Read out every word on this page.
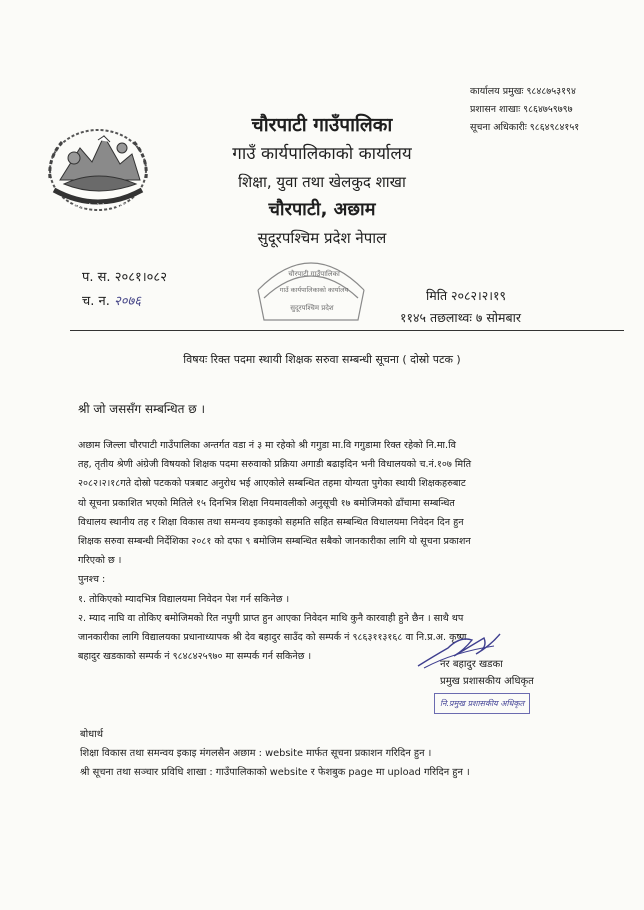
जनता जनार्दनको सेवामा समर्पित
कार्यालय प्रमुखः ९८४८७५३१९४
प्रशासन शाखाः ९८६४७५९७९७
सूचना अधिकारीः ९८६४९८४१५१
चौरपाटी गाउँपालिका
गाउँ कार्यपालिकाको कार्यालय
शिक्षा, युवा तथा खेलकुद शाखा
चौरपाटी, अछाम
सुदूरपश्चिम प्रदेश नेपाल
प. स. २०८१।०८२
च. न. २०७६
चौरपाटी गाउँपालिका
गाउँ कार्यपालिकाको कार्यालय
सुदूरपश्चिम प्रदेश
मिति २०८२।२।१९
११४५ तछलाथ्वः ७ सोमबार
विषयः रिक्त पदमा स्थायी शिक्षक सरुवा सम्बन्धी सूचना ( दोस्रो पटक )
श्री जो जससँग सम्बन्धित छ ।
अछाम जिल्ला चौरपाटी गाउँपालिका अन्तर्गत वडा नं ३ मा रहेको श्री गगुडा मा.वि गगुडामा रिक्त रहेको नि.मा.वि
तह, तृतीय श्रेणी अंग्रेजी विषयको शिक्षक पदमा सरुवाको प्रक्रिया अगाडी बढाइदिन भनी विधालयको च.नं.१०७ मिति
२०८२।२।१८गते दोस्रो पटकको पत्रबाट अनुरोध भई आएकोले सम्बन्धित तहमा योग्यता पुगेका स्थायी शिक्षकहरुबाट
यो सूचना प्रकाशित भएको मितिले १५ दिनभित्र शिक्षा नियमावलीको अनुसूची १७ बमोजिमको ढाँचामा सम्बन्धित
विधालय स्थानीय तह र शिक्षा विकास तथा समन्वय इकाइको सहमति सहित सम्बन्धित विधालयमा निवेदन दिन हुन
शिक्षक सरुवा सम्बन्धी निर्देशिका २०८१ को दफा ९ बमोजिम सम्बन्धित सबैको जानकारीका लागि यो सूचना प्रकाशन
गरिएको छ ।
पुनश्च :
१. तोकिएको म्यादभित्र विद्यालयमा निवेदन पेश गर्न सकिनेछ ।
२. म्याद नाघि वा तोकिए बमोजिमको रित नपुगी प्राप्त हुन आएका निवेदन माथि कुनै कारवाही हुने छैन । साथै थप
जानकारीका लागि विद्यालयका प्रधानाध्यापक श्री देव बहादुर साउँद को सम्पर्क नं ९८६३११३१६८ वा नि.प्र.अ. कृष्ण
बहादुर खडकाको सम्पर्क नं ९८४८४२५९७० मा सम्पर्क गर्न सकिनेछ ।
नर बहादुर खडका
प्रमुख प्रशासकीय अधिकृत
नि.प्रमुख प्रशासकीय अधिकृत
बोधार्थ
शिक्षा विकास तथा समन्वय इकाइ मंगलसैन अछाम : website मार्फत सूचना प्रकाशन गरिदिन हुन ।
श्री सूचना तथा सञ्चार प्रविधि शाखा : गाउँपालिकाको website र फेशबुक page मा upload गरिदिन हुन ।
